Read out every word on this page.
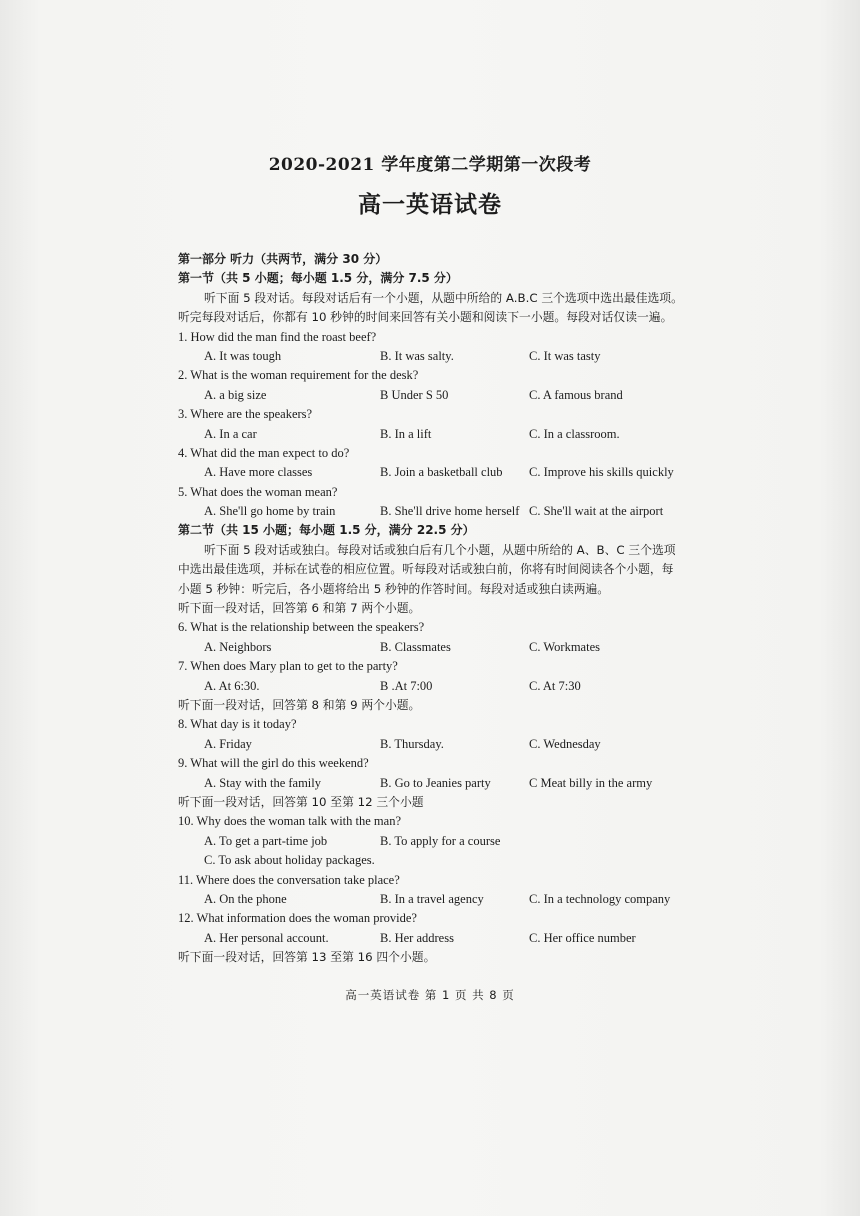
2020-2021 学年度第二学期第一次段考
高一英语试卷
第一部分 听力（共两节，满分 30 分）
第一节（共 5 小题；每小题 1.5 分，满分 7.5 分）
听下面 5 段对话。每段对话后有一个小题，从题中所给的 A.B.C 三个选项中选出最佳选项。
听完每段对话后，你都有 10 秒钟的时间来回答有关小题和阅读下一小题。每段对话仅读一遍。
1. How did the man find the roast beef?
A. It was tough	B. It was salty.	C. It was tasty
2. What is the woman requirement for the desk?
A. a big size	B Under S 50	C. A famous brand
3. Where are the speakers?
A. In a car	B. In a lift	C. In a classroom.
4. What did the man expect to do?
A. Have more classes	B. Join a basketball club C. Improve his skills quickly
5. What does the woman mean?
A. She'll go home by train	B. She'll drive home herself C. She'll wait at the airport
第二节（共 15 小题；每小题 1.5 分，满分 22.5 分）
听下面 5 段对话或独白。每段对话或独白后有几个小题，从题中所给的 A、B、C 三个选项
中选出最佳选项，并标在试卷的相应位置。听每段对话或独白前，你将有时间阅读各个小题，每
小题 5 秒钟：听完后，各小题将给出 5 秒钟的作答时间。每段对适或独白读两遍。
听下面一段对话，回答第 6 和第 7 两个小题。
6. What is the relationship between the speakers?
A. Neighbors	B. Classmates	C. Workmates
7. When does Mary plan to get to the party?
A. At 6:30.	B .At 7:00	C. At 7:30
听下面一段对话，回答第 8 和第 9 两个小题。
8. What day is it today?
A. Friday	B. Thursday.	C. Wednesday
9. What will the girl do this weekend?
A. Stay with the family	B. Go to Jeanies party	C Meat billy in the army
听下面一段对话，回答第 10 至第 12 三个小题
10. Why does the woman talk with the man?
A. To get a part-time job	B. To apply for a course
C. To ask about holiday packages.
11. Where does the conversation take place?
A. On the phone	B. In a travel agency	C. In a technology company
12. What information does the woman provide?
A. Her personal account.	B. Her address	C. Her office number
听下面一段对话，回答第 13 至第 16 四个小题。
高一英语试卷 第 1 页 共 8 页
